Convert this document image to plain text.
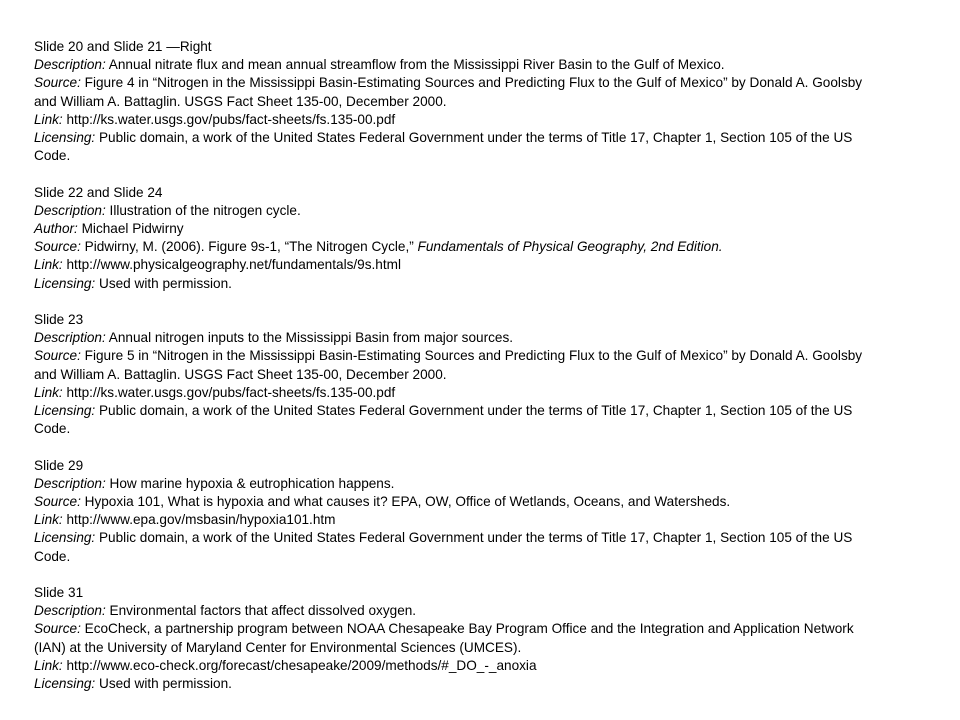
Slide 20 and Slide 21 —Right
Description: Annual nitrate flux and mean annual streamflow from the Mississippi River Basin to the Gulf of Mexico.
Source: Figure 4 in “Nitrogen in the Mississippi Basin-Estimating Sources and Predicting Flux to the Gulf of Mexico” by Donald A. Goolsby and William A. Battaglin. USGS Fact Sheet 135-00, December 2000.
Link: http://ks.water.usgs.gov/pubs/fact-sheets/fs.135-00.pdf
Licensing: Public domain, a work of the United States Federal Government under the terms of Title 17, Chapter 1, Section 105 of the US Code.
Slide 22 and Slide 24
Description: Illustration of the nitrogen cycle.
Author: Michael Pidwirny
Source: Pidwirny, M. (2006). Figure 9s-1, “The Nitrogen Cycle,” Fundamentals of Physical Geography, 2nd Edition.
Link: http://www.physicalgeography.net/fundamentals/9s.html
Licensing: Used with permission.
Slide 23
Description: Annual nitrogen inputs to the Mississippi Basin from major sources.
Source: Figure 5 in “Nitrogen in the Mississippi Basin-Estimating Sources and Predicting Flux to the Gulf of Mexico” by Donald A. Goolsby and William A. Battaglin. USGS Fact Sheet 135-00, December 2000.
Link: http://ks.water.usgs.gov/pubs/fact-sheets/fs.135-00.pdf
Licensing: Public domain, a work of the United States Federal Government under the terms of Title 17, Chapter 1, Section 105 of the US Code.
Slide 29
Description: How marine hypoxia & eutrophication happens.
Source: Hypoxia 101, What is hypoxia and what causes it? EPA, OW, Office of Wetlands, Oceans, and Watersheds.
Link: http://www.epa.gov/msbasin/hypoxia101.htm
Licensing: Public domain, a work of the United States Federal Government under the terms of Title 17, Chapter 1, Section 105 of the US Code.
Slide 31
Description: Environmental factors that affect dissolved oxygen.
Source: EcoCheck, a partnership program between NOAA Chesapeake Bay Program Office and the Integration and Application Network (IAN) at the University of Maryland Center for Environmental Sciences (UMCES).
Link: http://www.eco-check.org/forecast/chesapeake/2009/methods/#_DO_-_anoxia
Licensing: Used with permission.
